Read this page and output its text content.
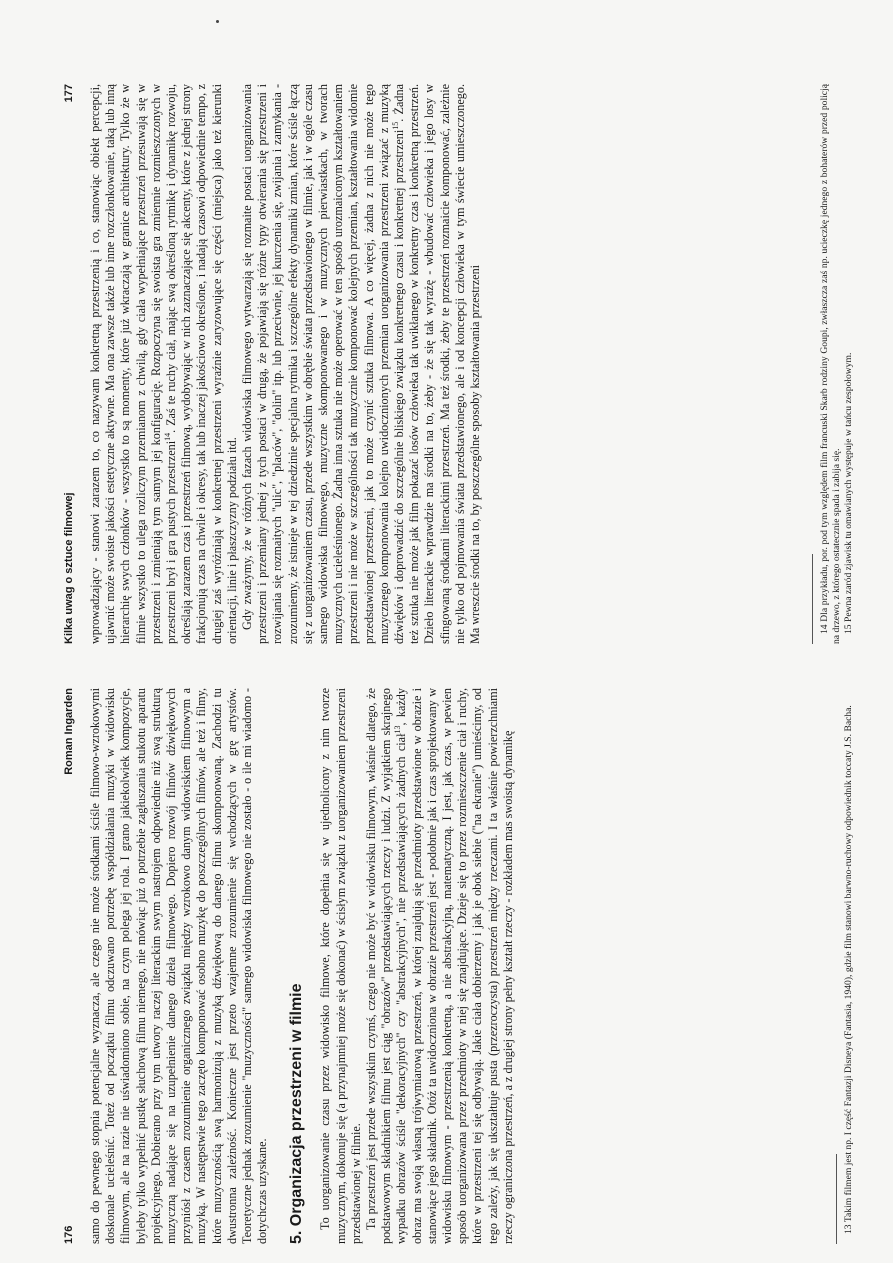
176
Roman Ingarden samo do pewnego stopnia potencjalne wyznacza, ale czego nie może środkami ściśle filmowo-wzrokowymi doskonale ucieleśnić. Toteż od początku filmu odczuwano potrzebę współdziałania muzyki w widowisku filmowym, ale na razie nie uświadomiono sobie, na czym polega jej rola. I grano jakiekolwiek kompozycje, byleby tylko wypełnić pustkę słuchową filmu niemego, nie mówiąc już o potrzebie zagłuszania stukotu aparatu projekcyjnego. Dobierano przy tym utwory raczej literackim swym nastrojem odpowiednie niż swą strukturą muzyczną nadające się na uzupełnienie danego dzieła filmowego. Dopiero rozwój filmów dźwiękowych przyniósł z czasem zrozumienie organicznego związku między wzrokowo danym widowiskiem filmowym a muzyką. W następstwie tego zaczęto komponować osobno muzykę do poszczególnych filmów, ale też i filmy, które muzycznością swą harmonizują z muzyką dźwiękową do danego filmu skomponowaną. Zachodzi tu dwustronna zależność. Konieczne jest przeto wzajemne zrozumienie się wchodzących w grę artystów. Teoretyczne jednak zrozumienie "muzyczności" samego widowiska filmowego nie zostało - o ile mi wiadomo - dotychczas uzyskane. 5. Organizacja przestrzeni w filmie To uorganizowanie czasu przez widowisko filmowe, które dopełnia się w ujednolicony z nim tworze muzycznym, dokonuje się (a przynajmniej może się dokonać) w ścisłym związku z uorganizowaniem przestrzeni przedstawionej w filmie. Ta przestrzeń jest przede wszystkim czymś, czego nie może być w widowisku filmowym, właśnie dlatego, że podstawowym składnikiem filmu jest ciąg "obrazów" przedstawiających rzeczy i ludzi. Z wyjątkiem skrajnego wypadku obrazów ściśle "dekoracyjnych" czy "abstrakcyjnych", nie przedstawiających żadnych ciał$^{13}$, każdy obraz ma swoją własną trójwymiarową przestrzeń, w której znajdują się przedmioty przedstawione w obrazie i stanowiące jego składnik. Otóż ta uwidoczniona w obrazie przestrzeń jest - podobnie jak i czas sprojektowany w widowisku filmowym - przestrzenią konkretną, a nie abstrakcyjną, matematyczną. I jest, jak czas, w pewien sposób uorganizowana przez przedmioty w niej się znajdujące. Dzieje się to przez rozmieszczenie ciał i ruchy, które w przestrzeni tej się odbywają. Jakie ciała dobierzemy i jak je obok siebie ("na ekranie") umieścimy, od tego zależy, jak się ukształtuje pusta (przezroczysta) przestrzeń między rzeczami. I ta właśnie powierzchniami rzeczy ograniczona przestrzeń, a z drugiej strony pełny kształt rzeczy - rozkładem mas swoistą dynamikę	13 Takim filmem jest np. I część Fantazji Disneya (Fantasia, 1940), gdzie film stanowi barwno-ruchowy odpowiednik toccaty J.S. Bacha.

Kilka uwag o sztuce filmowej
177 wprowadzający - stanowi zarazem to, co nazywam konkretną przestrzenią i co, stanowiąc obiekt percepcji, ujawnić może swoiste jakości estetyczne aktywne. Ma ona zawsze także lub inne rozczłonkowanie, taką lub inną hierarchię swych członków - wszystko to są momenty, które już wkraczają w granice architektury. Tylko że w filmie wszystko to ulega rozliczym przemianom z chwilą, gdy ciała wypełniające przestrzeń przesuwają się w przestrzeni i zmieniają tym samym jej konfigurację. Rozpoczyna się swoista gra zmiennie rozmieszczonych w przestrzeni brył i gra pustych przestrzeni$^{14}$. Zaś te ruchy ciał, mając swą określoną rytmikę i dynamikę rozwoju, określają zarazem czas i przestrzeń filmową, wydobywając w nich zaznaczające się akcenty, które z jednej strony frakcjonują czas na chwile i okresy, tak lub inaczej jakościowo określone, i nadają czasowi odpowiednie tempo, z drugiej zaś wyróżniają w konkretnej przestrzeni wyraźnie zaryzowujące się części (miejsca) jako też kierunki orientacji, linie i płaszczyzny podziału itd. Gdy zważymy, że w różnych fazach widowiska filmowego wytwarzają się rozmaite postaci uorganizowania przestrzeni i przemiany jednej z tych postaci w drugą, że pojawiają się różne typy otwierania się przestrzeni i rozwijania się rozmaitych "ulic", "placów", "dolin" itp. lub przeciwnie, jej kurczenia się, zwijania i zamykania - zrozumiemy, że istnieje w tej dziedzinie specjalna rytmika i szczególne efekty dynamiki zmian, które ściśle łączą się z uorganizowaniem czasu, przede wszystkim w obrębie świata przedstawionego w filmie, jak i w ogóle czasu samego widowiska filmowego, muzyczne skomponowanego i w muzycznych pierwiastkach, w tworach muzycznych ucieleśnionego. Żadna inna sztuka nie może operować w ten sposób urozmaiconym kształtowaniem przestrzeni i nie może w szczególności tak muzycznie komponować kolejnych przemian, kształtowania widomie przedstawionej przestrzeni, jak to może czynić sztuka filmowa. A co więcej, żadna z nich nie może tego muzycznego komponowania kolejno uwidocznionych przemian uorganizowania przestrzeni związać z muzyką dźwięków i doprowadzić do szczególnie bliskiego związku konkretnego czasu i konkretnej przestrzeni$^{15}$. Żadna też sztuka nie może jak film pokazać losów człowieka tak uwikłanego w konkretny czas i konkretną przestrzeń. Dzieło literackie wprawdzie ma środki na to, żeby - że się tak wyrażę - wbudować człowieka i jego losy w sfingowaną środkami literackimi przestrzeń. Ma też środki, żeby te przestrzeń rozmaicie komponować, zależnie nie tylko od pojmowania świata przedstawionego, ale i od koncepcji człowieka w tym świecie umieszczonego. Ma wreszcie środki na to, by poszczególne sposoby kształtowania przestrzeni	14 Dla przykładu, por. pod tym względem film francuski Skarb rodziny Goupi, zwłaszcza zaś np. ucieczkę jednego z bohaterów przed policją na drzewo, z którego ostatecznie spada i zabija się. 15 Pewna zaród zjawisk tu omawianych występuje w tańcu zespołowym.
